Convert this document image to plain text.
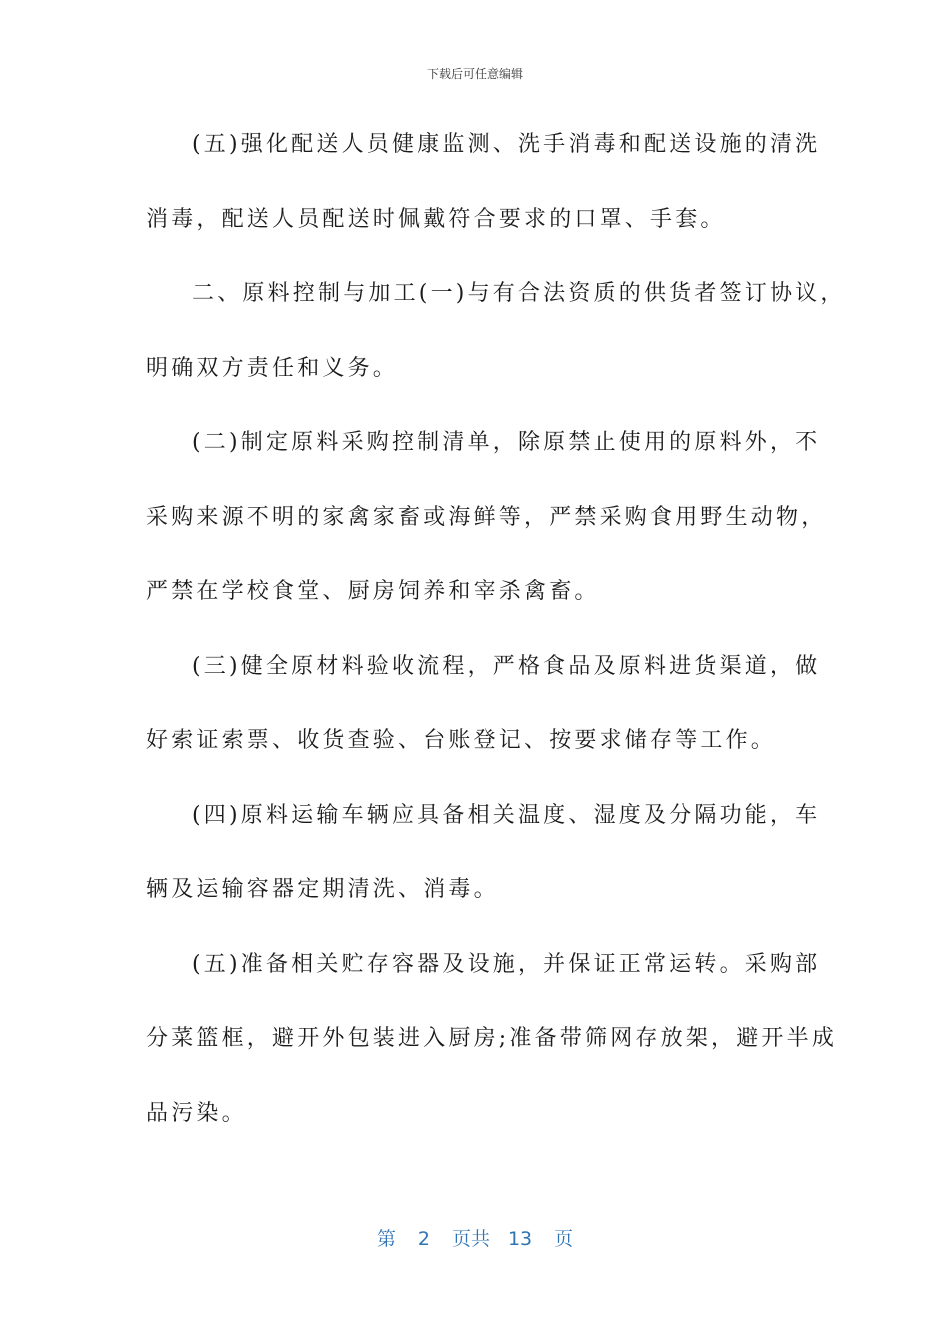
下载后可任意编辑
(五)强化配送人员健康监测、洗手消毒和配送设施的清洗
消毒，配送人员配送时佩戴符合要求的口罩、手套。
二、原料控制与加工(一)与有合法资质的供货者签订协议，
明确双方责任和义务。
(二)制定原料采购控制清单，除原禁止使用的原料外，不
采购来源不明的家禽家畜或海鲜等，严禁采购食用野生动物，
严禁在学校食堂、厨房饲养和宰杀禽畜。
(三)健全原材料验收流程，严格食品及原料进货渠道，做
好索证索票、收货查验、台账登记、按要求储存等工作。
(四)原料运输车辆应具备相关温度、湿度及分隔功能，车
辆及运输容器定期清洗、消毒。
(五)准备相关贮存容器及设施，并保证正常运转。采购部
分菜篮框，避开外包装进入厨房;准备带筛网存放架，避开半成
品污染。
第 2 页共 13 页
